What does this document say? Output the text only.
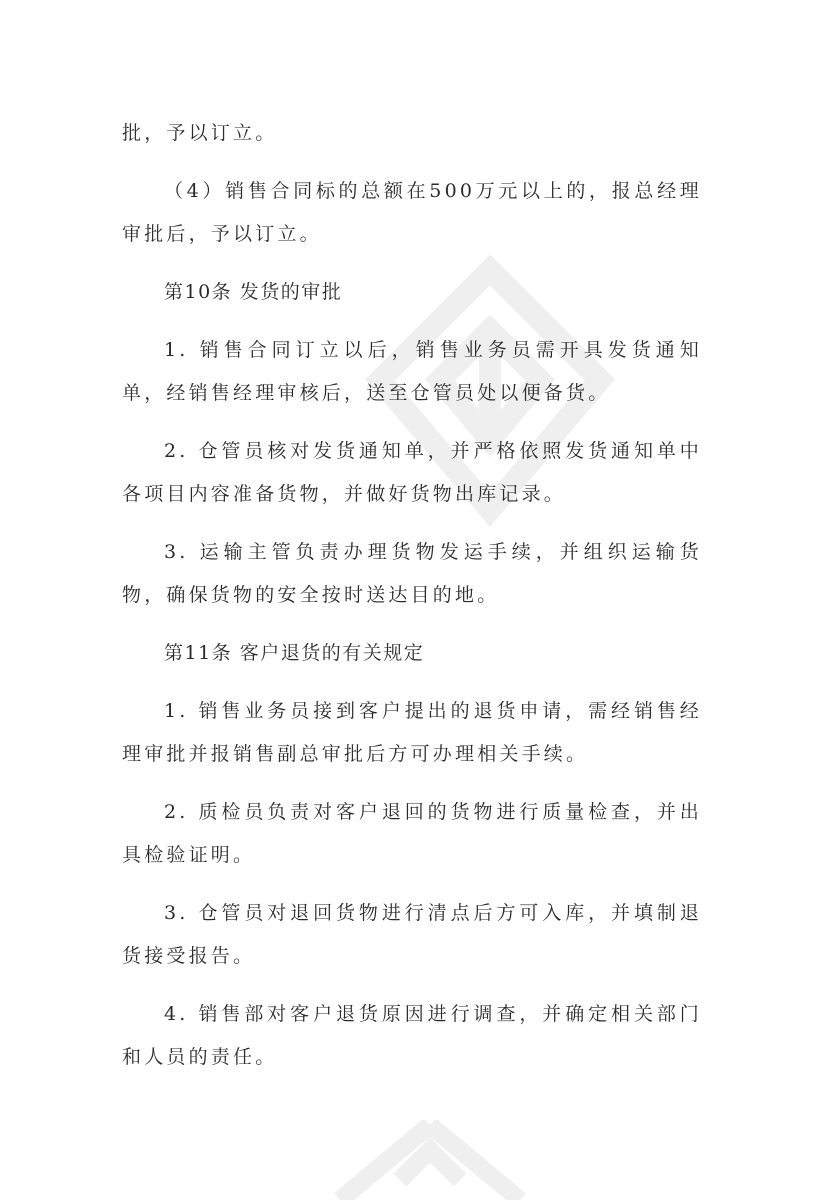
批，予以订立。

（4）销售合同标的总额在500万元以上的，报总经理审批后，予以订立。

第10条 发货的审批

1. 销售合同订立以后，销售业务员需开具发货通知单，经销售经理审核后，送至仓管员处以便备货。

2. 仓管员核对发货通知单，并严格依照发货通知单中各项目内容准备货物，并做好货物出库记录。

3. 运输主管负责办理货物发运手续，并组织运输货物，确保货物的安全按时送达目的地。

第11条 客户退货的有关规定

1. 销售业务员接到客户提出的退货申请，需经销售经理审批并报销售副总审批后方可办理相关手续。

2. 质检员负责对客户退回的货物进行质量检查，并出具检验证明。

3. 仓管员对退回货物进行清点后方可入库，并填制退货接受报告。

4. 销售部对客户退货原因进行调查，并确定相关部门和人员的责任。
